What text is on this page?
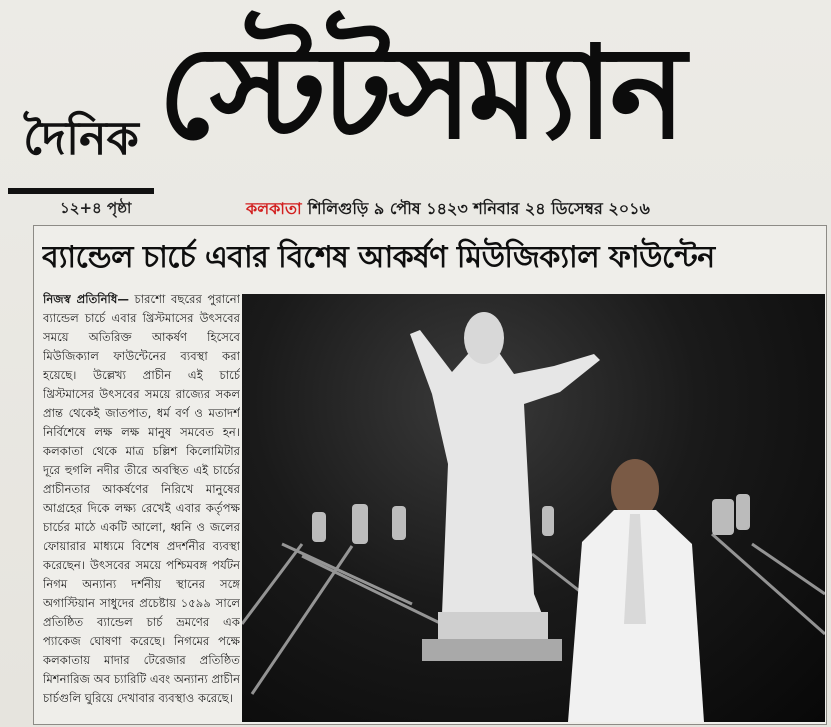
দৈনিক স্টেটসম্যান
১২+৪ পৃষ্ঠা	কলকাতা শিলিগুড়ি ৯ পৌষ ১৪২৩ শনিবার ২৪ ডিসেম্বর ২০১৬
ব্যান্ডেল চার্চে এবার বিশেষ আকর্ষণ মিউজিক্যাল ফাউন্টেন
নিজস্ব প্রতিনিধি— চারশো বছরের পুরানো ব্যান্ডেল চার্চে এবার খ্রিস্টমাসের উৎসবের সময়ে অতিরিক্ত আকর্ষণ হিসেবে মিউজিক্যাল ফাউন্টেনের ব্যবস্থা করা হয়েছে। উল্লেখ্য প্রাচীন এই চার্চে খ্রিস্টমাসের উৎসবের সময়ে রাজ্যের সকল প্রান্ত থেকেই জাতপাত, ধর্ম বর্ণ ও মতাদর্শ নির্বিশেষে লক্ষ লক্ষ মানুষ সমবেত হন। কলকাতা থেকে মাত্র চল্লিশ কিলোমিটার দূরে হুগলি নদীর তীরে অবস্থিত এই চার্চের প্রাচীনতার আকর্ষণের নিরিখে মানুষের আগ্রহের দিকে লক্ষ্য রেখেই এবার কর্তৃপক্ষ চার্চের মাঠে একটি আলো, ধ্বনি ও জলের ফোয়ারার মাধ্যমে বিশেষ প্রদর্শনীর ব্যবস্থা করেছেন। উৎসবের সময়ে পশ্চিমবঙ্গ পর্যটন নিগম অন্যান্য দর্শনীয় স্থানের সঙ্গে অগাস্টিয়ান সাধুদের প্রচেষ্টায় ১৫৯৯ সালে প্রতিষ্ঠিত ব্যান্ডেল চার্চ ভ্রমণের এক প্যাকেজ ঘোষণা করেছে। নিগমের পক্ষে কলকাতায় মাদার টেরেজার প্রতিষ্ঠিত মিশনারিজ অব চ্যারিটি এবং অন্যান্য প্রাচীন চার্চগুলি ঘুরিয়ে দেখাবার ব্যবস্থাও করেছে।
